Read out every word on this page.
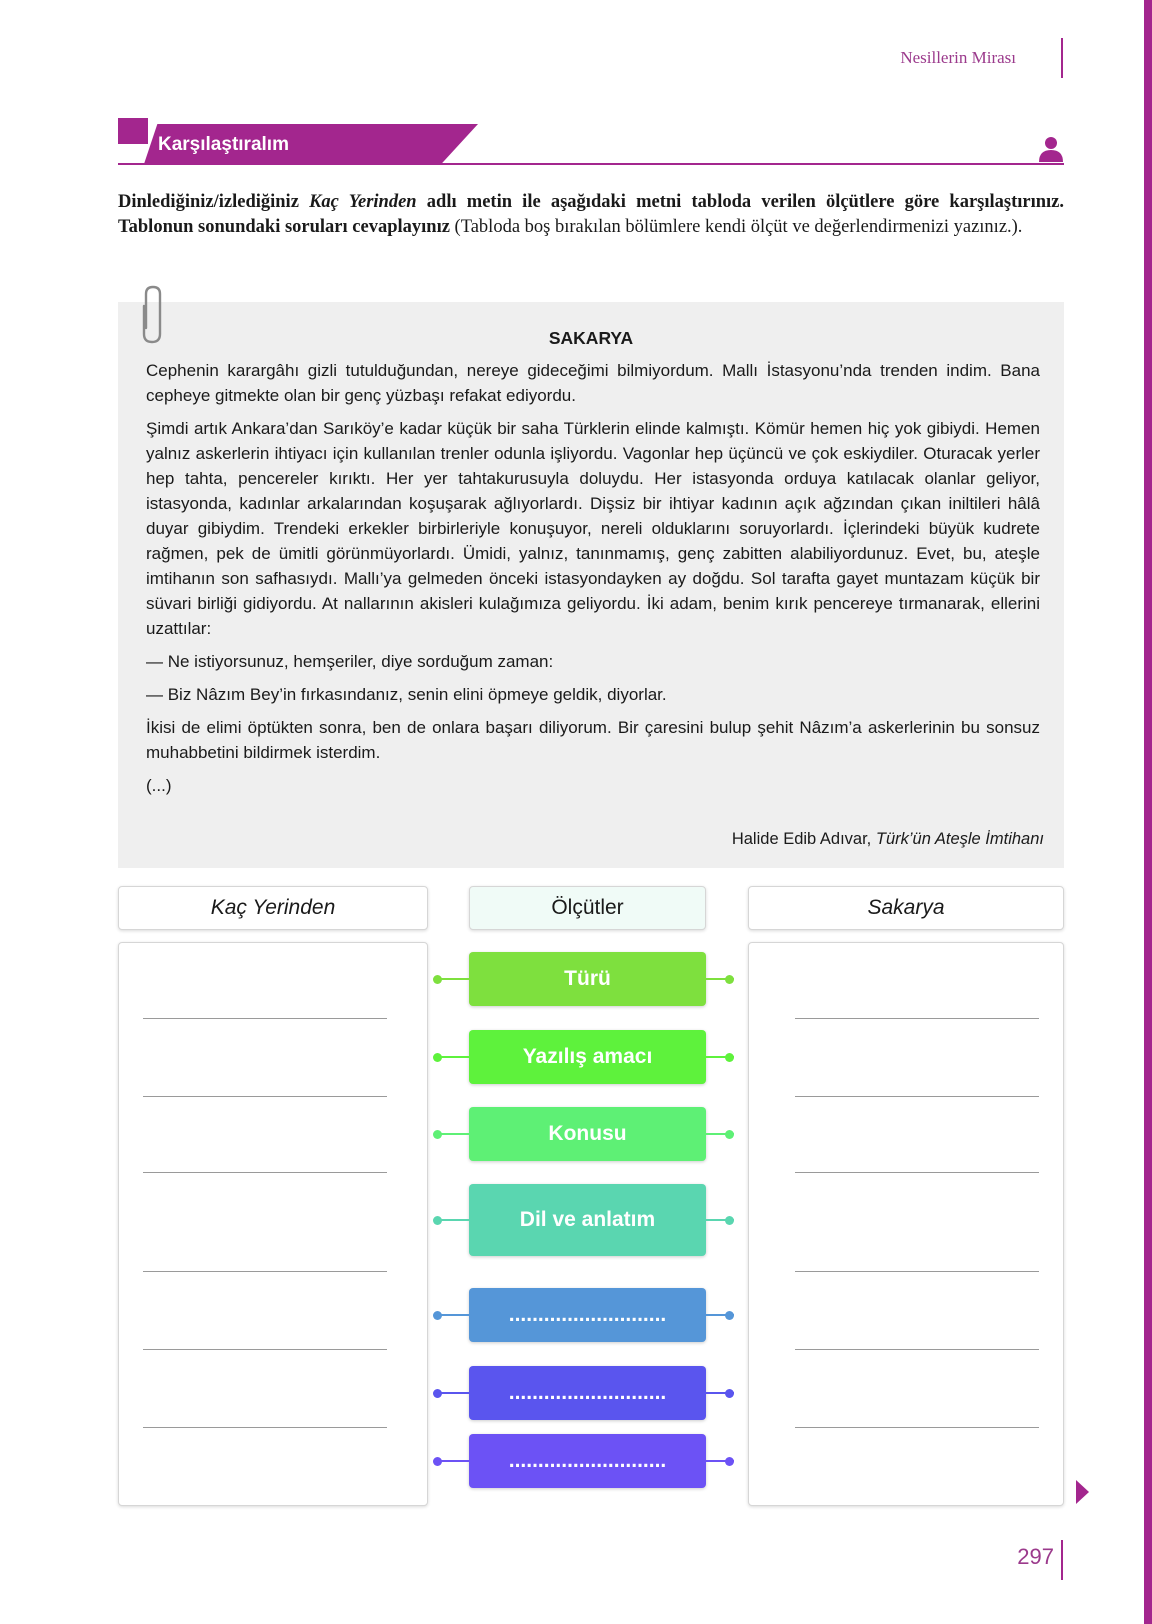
Nesillerin Mirası
Karşılaştıralım
Dinlediğiniz/izlediğiniz Kaç Yerinden adlı metin ile aşağıdaki metni tabloda verilen ölçütlere göre karşılaştırınız. Tablonun sonundaki soruları cevaplayınız (Tabloda boş bırakılan bölümlere kendi ölçüt ve değerlendirmenizi yazınız.).
SAKARYA

Cephenin karargâhı gizli tutulduğundan, nereye gideceğimi bilmiyordum. Mallı İstasyonu’nda trenden indim. Bana cepheye gitmekte olan bir genç yüzbaşı refakat ediyordu.

Şimdi artık Ankara’dan Sarıköy’e kadar küçük bir saha Türklerin elinde kalmıştı. Kömür hemen hiç yok gibiydi. Hemen yalnız askerlerin ihtiyacı için kullanılan trenler odunla işliyordu. Vagonlar hep üçüncü ve çok eskiydiler. Oturacak yerler hep tahta, pencereler kırıktı. Her yer tahtakurusuyla doluydu. Her istasyonda orduya katılacak olanlar geliyor, istasyonda, kadınlar arkalarından koşuşarak ağlıyorlardı. Dişsiz bir ihtiyar kadının açık ağzından çıkan iniltileri hâlâ duyar gibiydim. Trendeki erkekler birbirleriyle konuşuyor, nereli olduklarını soruyorlardı. İçlerindeki büyük kudrete rağmen, pek de ümitli görünmüyorlardı. Ümidi, yalnız, tanınmamış, genç zabitten alabiliyordunuz. Evet, bu, ateşle imtihanın son safhasıydı. Mallı’ya gelmeden önceki istasyondayken ay doğdu. Sol tarafta gayet muntazam küçük bir süvari birliği gidiyordu. At nallarının akisleri kulağımıza geliyordu. İki adam, benim kırık pencereye tırmanarak, ellerini uzattılar:

— Ne istiyorsunuz, hemşeriler, diye sorduğum zaman:

— Biz Nâzım Bey’in fırkasındanız, senin elini öpmeye geldik, diyorlar.

İkisi de elimi öptükten sonra, ben de onlara başarı diliyorum. Bir çaresini bulup şehit Nâzım’a askerlerinin bu sonsuz muhabbetini bildirmek isterdim.

(...)

Halide Edib Adıvar, Türk’ün Ateşle İmtihanı
Kaç Yerinden	Ölçütler	Sakarya
Türü
Yazılış amacı
Konusu
Dil ve anlatım
...........................
...........................
...........................
297
